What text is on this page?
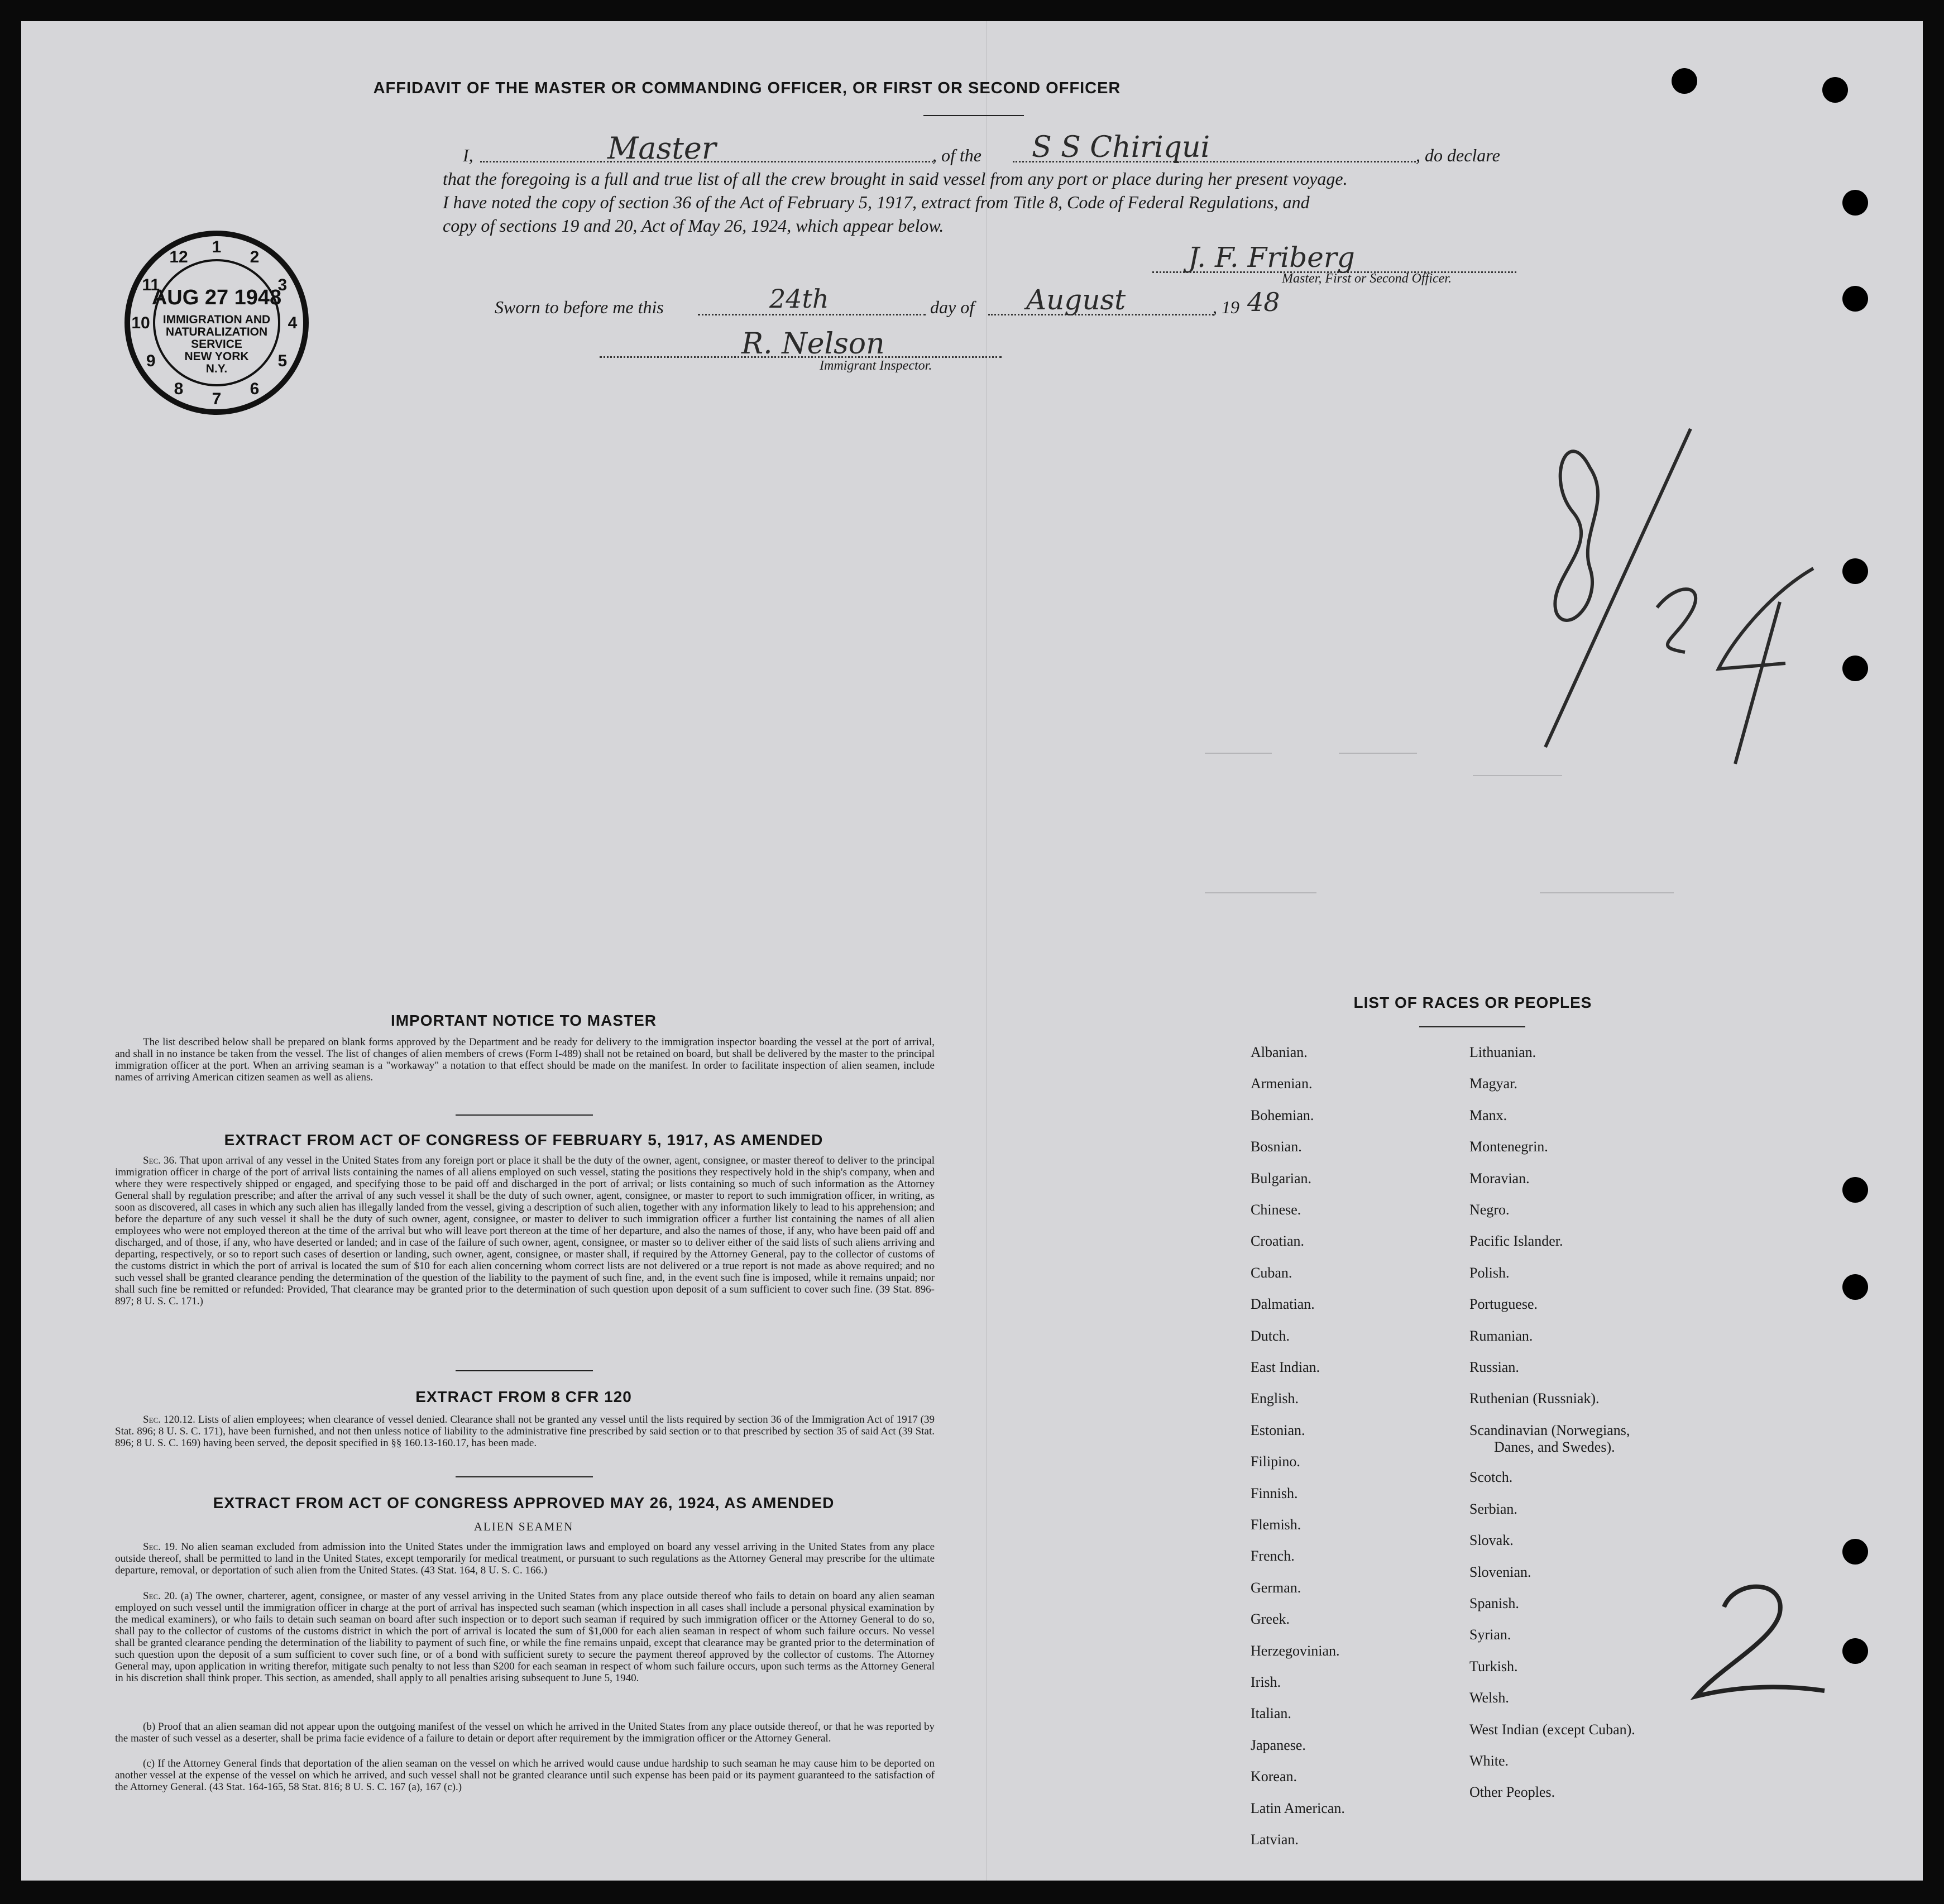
AFFIDAVIT OF THE MASTER OR COMMANDING OFFICER, OR FIRST OR SECOND OFFICER
I,	Master	, of the S S Chiriqui	, do declare
that the foregoing is a full and true list of all the crew brought in said vessel from any port or place during her present voyage.
I have noted the copy of section 36 of the Act of February 5, 1917, extract from Title 8, Code of Federal Regulations, and
copy of sections 19 and 20, Act of May 26, 1924, which appear below.
J. F. Friberg
Master, First or Second Officer.
Sworn to before me this	24th	day of August	, 19 48
R. Nelson
Immigrant Inspector.
1
2
3
4
5
6
7
8
9
10
11
12
AUG 27 1948
IMMIGRATION AND
NATURALIZATION
SERVICE
NEW YORK
N.Y.
IMPORTANT NOTICE TO MASTER
The list described below shall be prepared on blank forms approved by the Department and be ready for delivery to the immigration inspector boarding the vessel at the port of arrival, and shall in no instance be taken from the vessel. The list of changes of alien members of crews (Form I-489) shall not be retained on board, but shall be delivered by the master to the principal immigration officer at the port. When an arriving seaman is a "workaway" a notation to that effect should be made on the manifest. In order to facilitate inspection of alien seamen, include names of arriving American citizen seamen as well as aliens.
EXTRACT FROM ACT OF CONGRESS OF FEBRUARY 5, 1917, AS AMENDED
Sec. 36. That upon arrival of any vessel in the United States from any foreign port or place it shall be the duty of the owner, agent, consignee, or master thereof to deliver to the principal immigration officer in charge of the port of arrival lists containing the names of all aliens employed on such vessel, stating the positions they respectively hold in the ship's company, when and where they were respectively shipped or engaged, and specifying those to be paid off and discharged in the port of arrival; or lists containing so much of such information as the Attorney General shall by regulation prescribe; and after the arrival of any such vessel it shall be the duty of such owner, agent, consignee, or master to report to such immigration officer, in writing, as soon as discovered, all cases in which any such alien has illegally landed from the vessel, giving a description of such alien, together with any information likely to lead to his apprehension; and before the departure of any such vessel it shall be the duty of such owner, agent, consignee, or master to deliver to such immigration officer a further list containing the names of all alien employees who were not employed thereon at the time of the arrival but who will leave port thereon at the time of her departure, and also the names of those, if any, who have been paid off and discharged, and of those, if any, who have deserted or landed; and in case of the failure of such owner, agent, consignee, or master so to deliver either of the said lists of such aliens arriving and departing, respectively, or so to report such cases of desertion or landing, such owner, agent, consignee, or master shall, if required by the Attorney General, pay to the collector of customs of the customs district in which the port of arrival is located the sum of $10 for each alien concerning whom correct lists are not delivered or a true report is not made as above required; and no such vessel shall be granted clearance pending the determination of the question of the liability to the payment of such fine, and, in the event such fine is imposed, while it remains unpaid; nor shall such fine be remitted or refunded: Provided, That clearance may be granted prior to the determination of such question upon deposit of a sum sufficient to cover such fine. (39 Stat. 896-897; 8 U. S. C. 171.)
EXTRACT FROM 8 CFR 120
Sec. 120.12. Lists of alien employees; when clearance of vessel denied. Clearance shall not be granted any vessel until the lists required by section 36 of the Immigration Act of 1917 (39 Stat. 896; 8 U. S. C. 171), have been furnished, and not then unless notice of liability to the administrative fine prescribed by said section or to that prescribed by section 35 of said Act (39 Stat. 896; 8 U. S. C. 169) having been served, the deposit specified in §§ 160.13-160.17, has been made.
EXTRACT FROM ACT OF CONGRESS APPROVED MAY 26, 1924, AS AMENDED
ALIEN SEAMEN
Sec. 19. No alien seaman excluded from admission into the United States under the immigration laws and employed on board any vessel arriving in the United States from any place outside thereof, shall be permitted to land in the United States, except temporarily for medical treatment, or pursuant to such regulations as the Attorney General may prescribe for the ultimate departure, removal, or deportation of such alien from the United States. (43 Stat. 164, 8 U. S. C. 166.)
Sec. 20. (a) The owner, charterer, agent, consignee, or master of any vessel arriving in the United States from any place outside thereof who fails to detain on board any alien seaman employed on such vessel until the immigration officer in charge at the port of arrival has inspected such seaman (which inspection in all cases shall include a personal physical examination by the medical examiners), or who fails to detain such seaman on board after such inspection or to deport such seaman if required by such immigration officer or the Attorney General to do so, shall pay to the collector of customs of the customs district in which the port of arrival is located the sum of $1,000 for each alien seaman in respect of whom such failure occurs. No vessel shall be granted clearance pending the determination of the liability to payment of such fine, or while the fine remains unpaid, except that clearance may be granted prior to the determination of such question upon the deposit of a sum sufficient to cover such fine, or of a bond with sufficient surety to secure the payment thereof approved by the collector of customs. The Attorney General may, upon application in writing therefor, mitigate such penalty to not less than $200 for each seaman in respect of whom such failure occurs, upon such terms as the Attorney General in his discretion shall think proper. This section, as amended, shall apply to all penalties arising subsequent to June 5, 1940.
(b) Proof that an alien seaman did not appear upon the outgoing manifest of the vessel on which he arrived in the United States from any place outside thereof, or that he was reported by the master of such vessel as a deserter, shall be prima facie evidence of a failure to detain or deport after requirement by the immigration officer or the Attorney General.
(c) If the Attorney General finds that deportation of the alien seaman on the vessel on which he arrived would cause undue hardship to such seaman he may cause him to be deported on another vessel at the expense of the vessel on which he arrived, and such vessel shall not be granted clearance until such expense has been paid or its payment guaranteed to the satisfaction of the Attorney General. (43 Stat. 164-165, 58 Stat. 816; 8 U. S. C. 167 (a), 167 (c).)
LIST OF RACES OR PEOPLES
Albanian.
Armenian.
Bohemian.
Bosnian.
Bulgarian.
Chinese.
Croatian.
Cuban.
Dalmatian.
Dutch.
East Indian.
English.
Estonian.
Filipino.
Finnish.
Flemish.
French.
German.
Greek.
Herzegovinian.
Irish.
Italian.
Japanese.
Korean.
Latin American.
Latvian.
Lithuanian.
Magyar.
Manx.
Montenegrin.
Moravian.
Negro.
Pacific Islander.
Polish.
Portuguese.
Rumanian.
Russian.
Ruthenian (Russniak).
Scandinavian (Norwegians,
Danes, and Swedes).
Scotch.
Serbian.
Slovak.
Slovenian.
Spanish.
Syrian.
Turkish.
Welsh.
West Indian (except Cuban).
White.
Other Peoples.
